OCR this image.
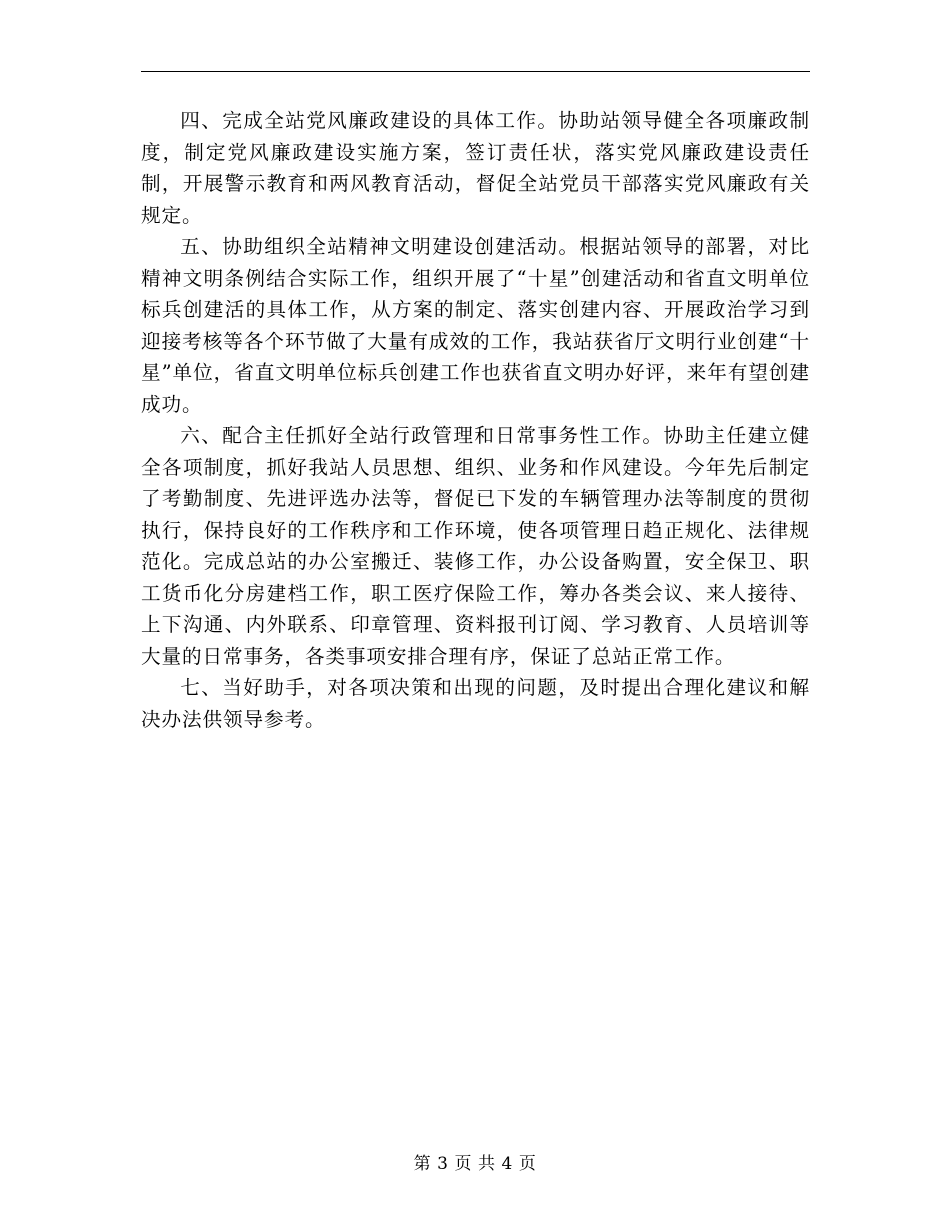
四、完成全站党风廉政建设的具体工作。协助站领导健全各项廉政制度，制定党风廉政建设实施方案，签订责任状，落实党风廉政建设责任制，开展警示教育和两风教育活动，督促全站党员干部落实党风廉政有关规定。

五、协助组织全站精神文明建设创建活动。根据站领导的部署，对比精神文明条例结合实际工作，组织开展了“十星”创建活动和省直文明单位标兵创建活的具体工作，从方案的制定、落实创建内容、开展政治学习到迎接考核等各个环节做了大量有成效的工作，我站获省厅文明行业创建“十星”单位，省直文明单位标兵创建工作也获省直文明办好评，来年有望创建成功。

六、配合主任抓好全站行政管理和日常事务性工作。协助主任建立健全各项制度，抓好我站人员思想、组织、业务和作风建设。今年先后制定了考勤制度、先进评选办法等，督促已下发的车辆管理办法等制度的贯彻执行，保持良好的工作秩序和工作环境，使各项管理日趋正规化、法律规范化。完成总站的办公室搬迁、装修工作，办公设备购置，安全保卫、职工货币化分房建档工作，职工医疗保险工作，筹办各类会议、来人接待、上下沟通、内外联系、印章管理、资料报刊订阅、学习教育、人员培训等大量的日常事务，各类事项安排合理有序，保证了总站正常工作。

七、当好助手，对各项决策和出现的问题，及时提出合理化建议和解决办法供领导参考。

第 3 页 共 4 页
